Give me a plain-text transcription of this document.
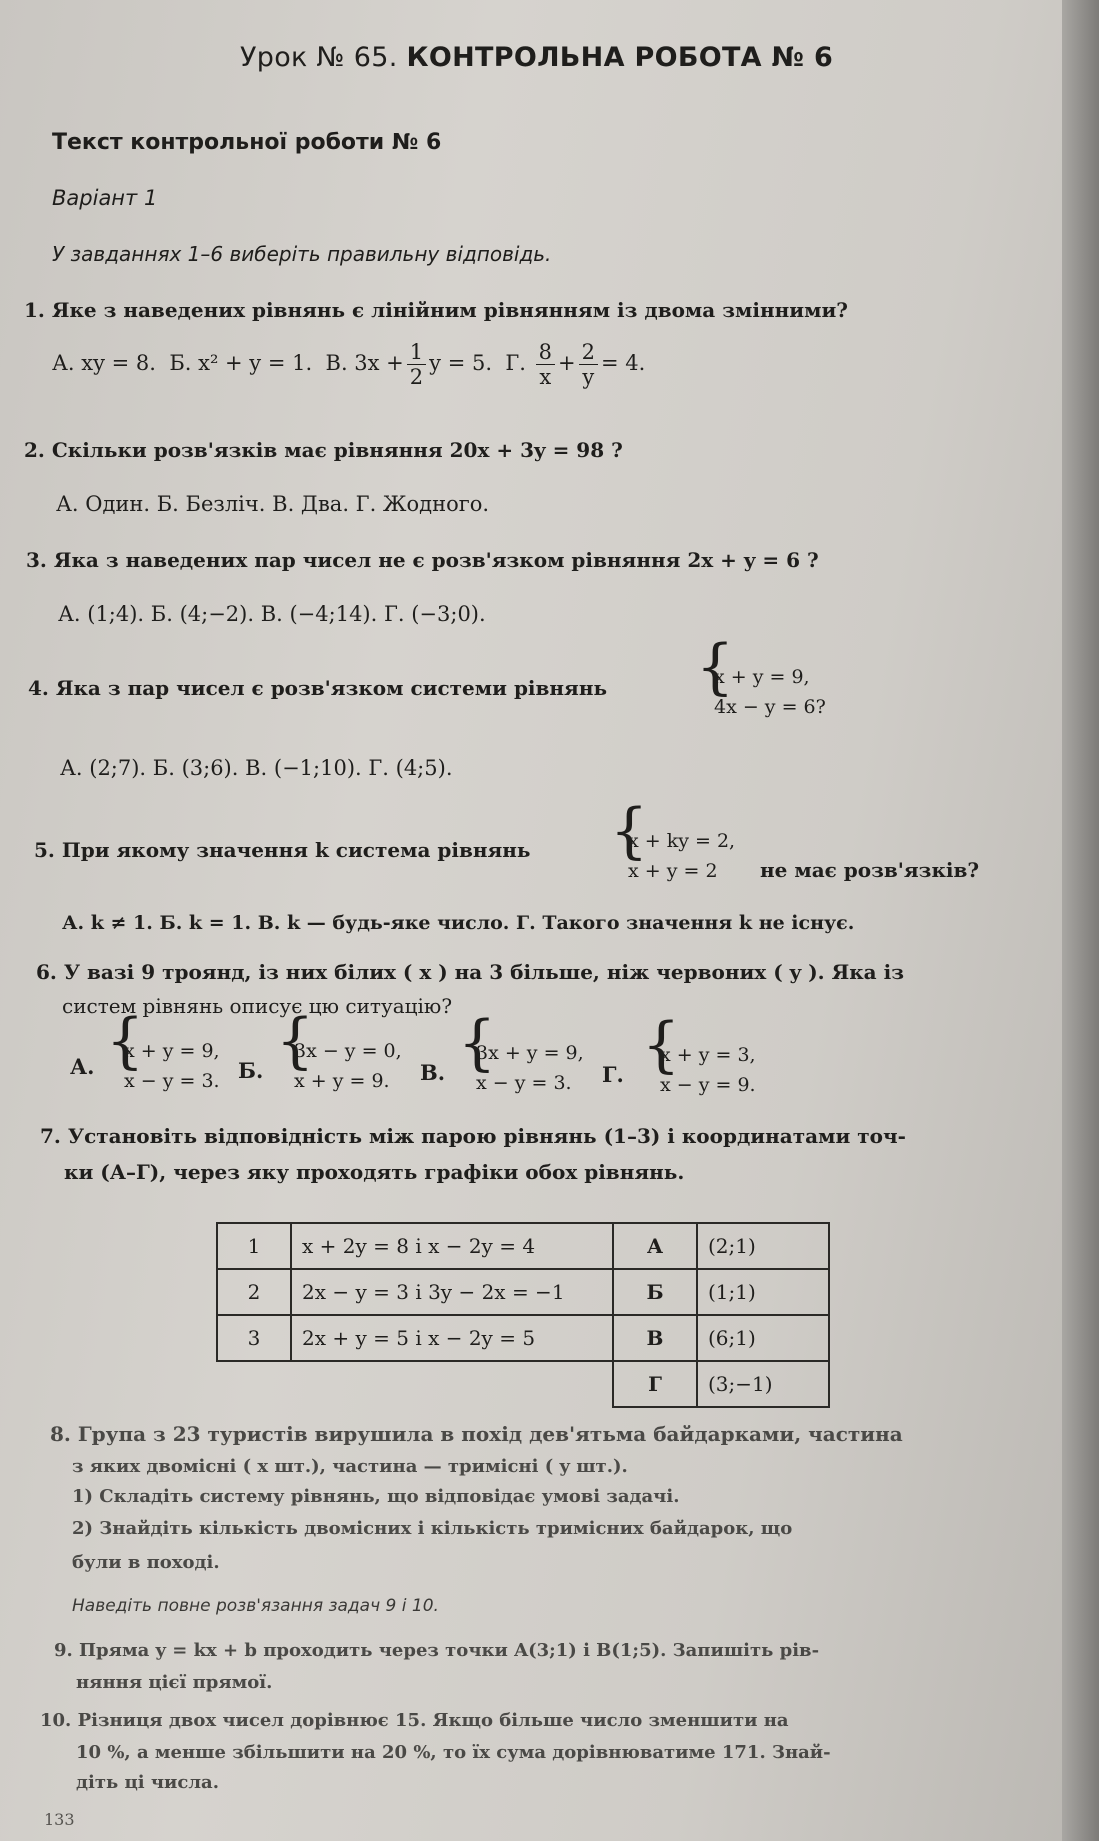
Урок № 65. КОНТРОЛЬНА РОБОТА № 6
Текст контрольної роботи № 6
Варіант 1
У завданнях 1–6 виберіть правильну відповідь.
1. Яке з наведених рівнянь є лінійним рівнянням із двома змінними?
А. xy = 8. Б. x² + y = 1. В. $3x + \frac{1}{2}$ y = 5. Г. $\frac{8}{x} + \frac{2}{y} = 4$.
2. Скільки розв'язків має рівняння 20x + 3y = 98 ?
А. Один. Б. Безліч. В. Два. Г. Жодного.
3. Яка з наведених пар чисел не є розв'язком рівняння 2x + y = 6 ?
А. (1;4). Б. (4;−2). В. (−4;14). Г. (−3;0).
4. Яка з пар чисел є розв'язком системи рівнянь	{ x + y = 9,
4x − y = 6?
А. (2;7). Б. (3;6). В. (−1;10). Г. (4;5).
5. При якому значення k система рівнянь	{ x + ky = 2,
x + y = 2	не має розв'язків?
А. k ≠ 1. Б. k = 1. В. k — будь-яке число. Г. Такого значення k не існує.
6. У вазі 9 троянд, із них білих ( x ) на 3 більше, ніж червоних ( y ). Яка із
систем рівнянь описує цю ситуацію?
А.
{ x + y = 9,
x − y = 3. Б.
{ 3x − y = 0,
x + y = 9.	В.
{ 3x + y = 9,
x − y = 3.	Г.
{ x + y = 3,
x − y = 9.
7. Установіть відповідність між парою рівнянь (1–3) і координатами точ-
ки (А–Г), через яку проходять графіки обох рівнянь.
1	x + 2y = 8 і x − 2y = 4	А	(2;1)
2	2x − y = 3 і 3y − 2x = −1	Б	(1;1)
3	2x + y = 5 і x − 2y = 5	В	(6;1)
		Г	(3;−1)
8. Група з 23 туристів вирушила в похід дев'ятьма байдарками, частина
з яких двомісні ( x шт.), частина — тримісні ( y шт.).
1) Складіть систему рівнянь, що відповідає умові задачі.
2) Знайдіть кількість двомісних і кількість тримісних байдарок, що
були в поході.
Наведіть повне розв'язання задач 9 і 10.
9. Пряма y = kx + b проходить через точки A(3;1) і B(1;5). Запишіть рів-
няння цієї прямої.
10. Різниця двох чисел дорівнює 15. Якщо більше число зменшити на
10 %, а менше збільшити на 20 %, то їх сума дорівнюватиме 171. Знай-
діть ці числа.
133
